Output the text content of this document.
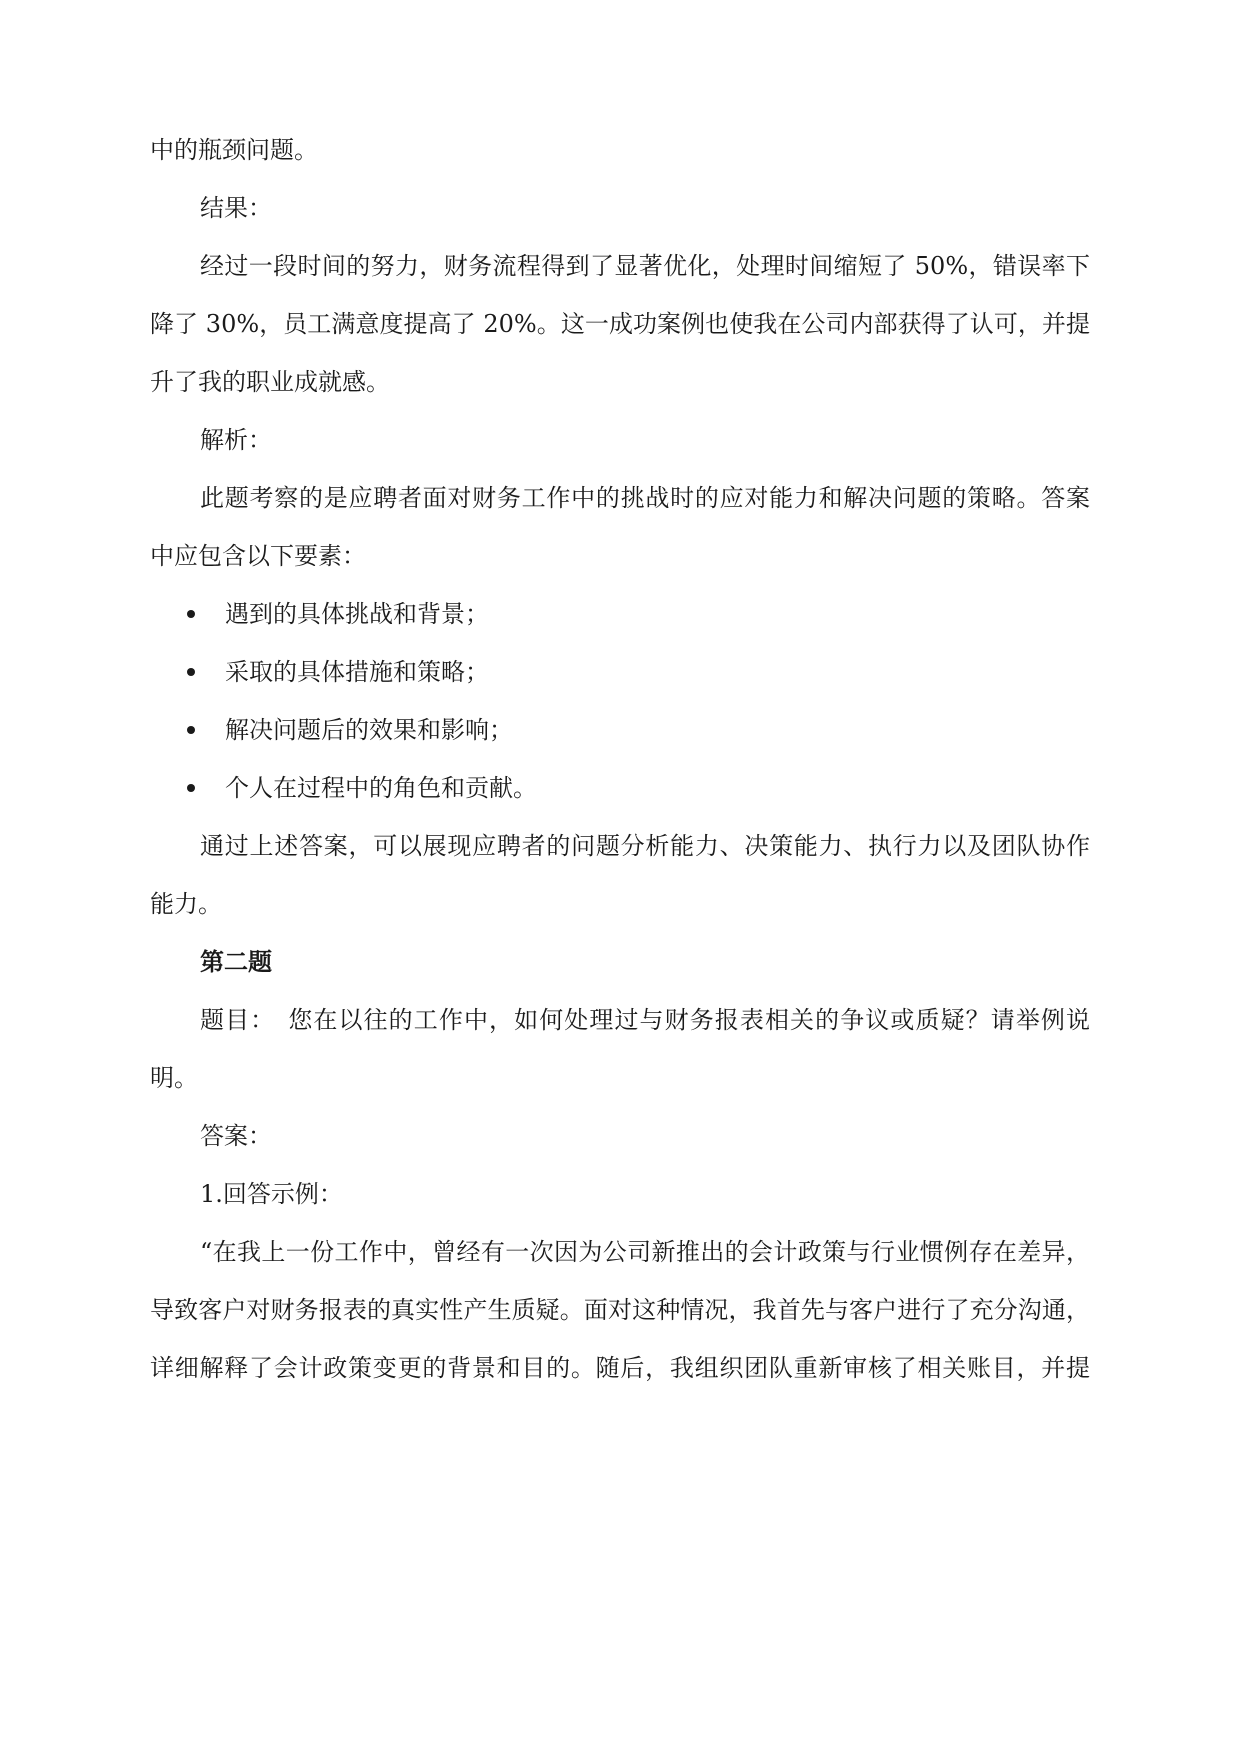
中的瓶颈问题。
结果：
经过一段时间的努力，财务流程得到了显著优化，处理时间缩短了 50%，错误率下
降了 30%，员工满意度提高了 20%。这一成功案例也使我在公司内部获得了认可，并提
升了我的职业成就感。
解析：
此题考察的是应聘者面对财务工作中的挑战时的应对能力和解决问题的策略。答案
中应包含以下要素：
遇到的具体挑战和背景；
采取的具体措施和策略；
解决问题后的效果和影响；
个人在过程中的角色和贡献。
通过上述答案，可以展现应聘者的问题分析能力、决策能力、执行力以及团队协作
能力。
第二题
题目：　您在以往的工作中，如何处理过与财务报表相关的争议或质疑？请举例说
明。
答案：
1.回答示例：
“在我上一份工作中，曾经有一次因为公司新推出的会计政策与行业惯例存在差异，
导致客户对财务报表的真实性产生质疑。面对这种情况，我首先与客户进行了充分沟通，
详细解释了会计政策变更的背景和目的。随后，我组织团队重新审核了相关账目，并提
